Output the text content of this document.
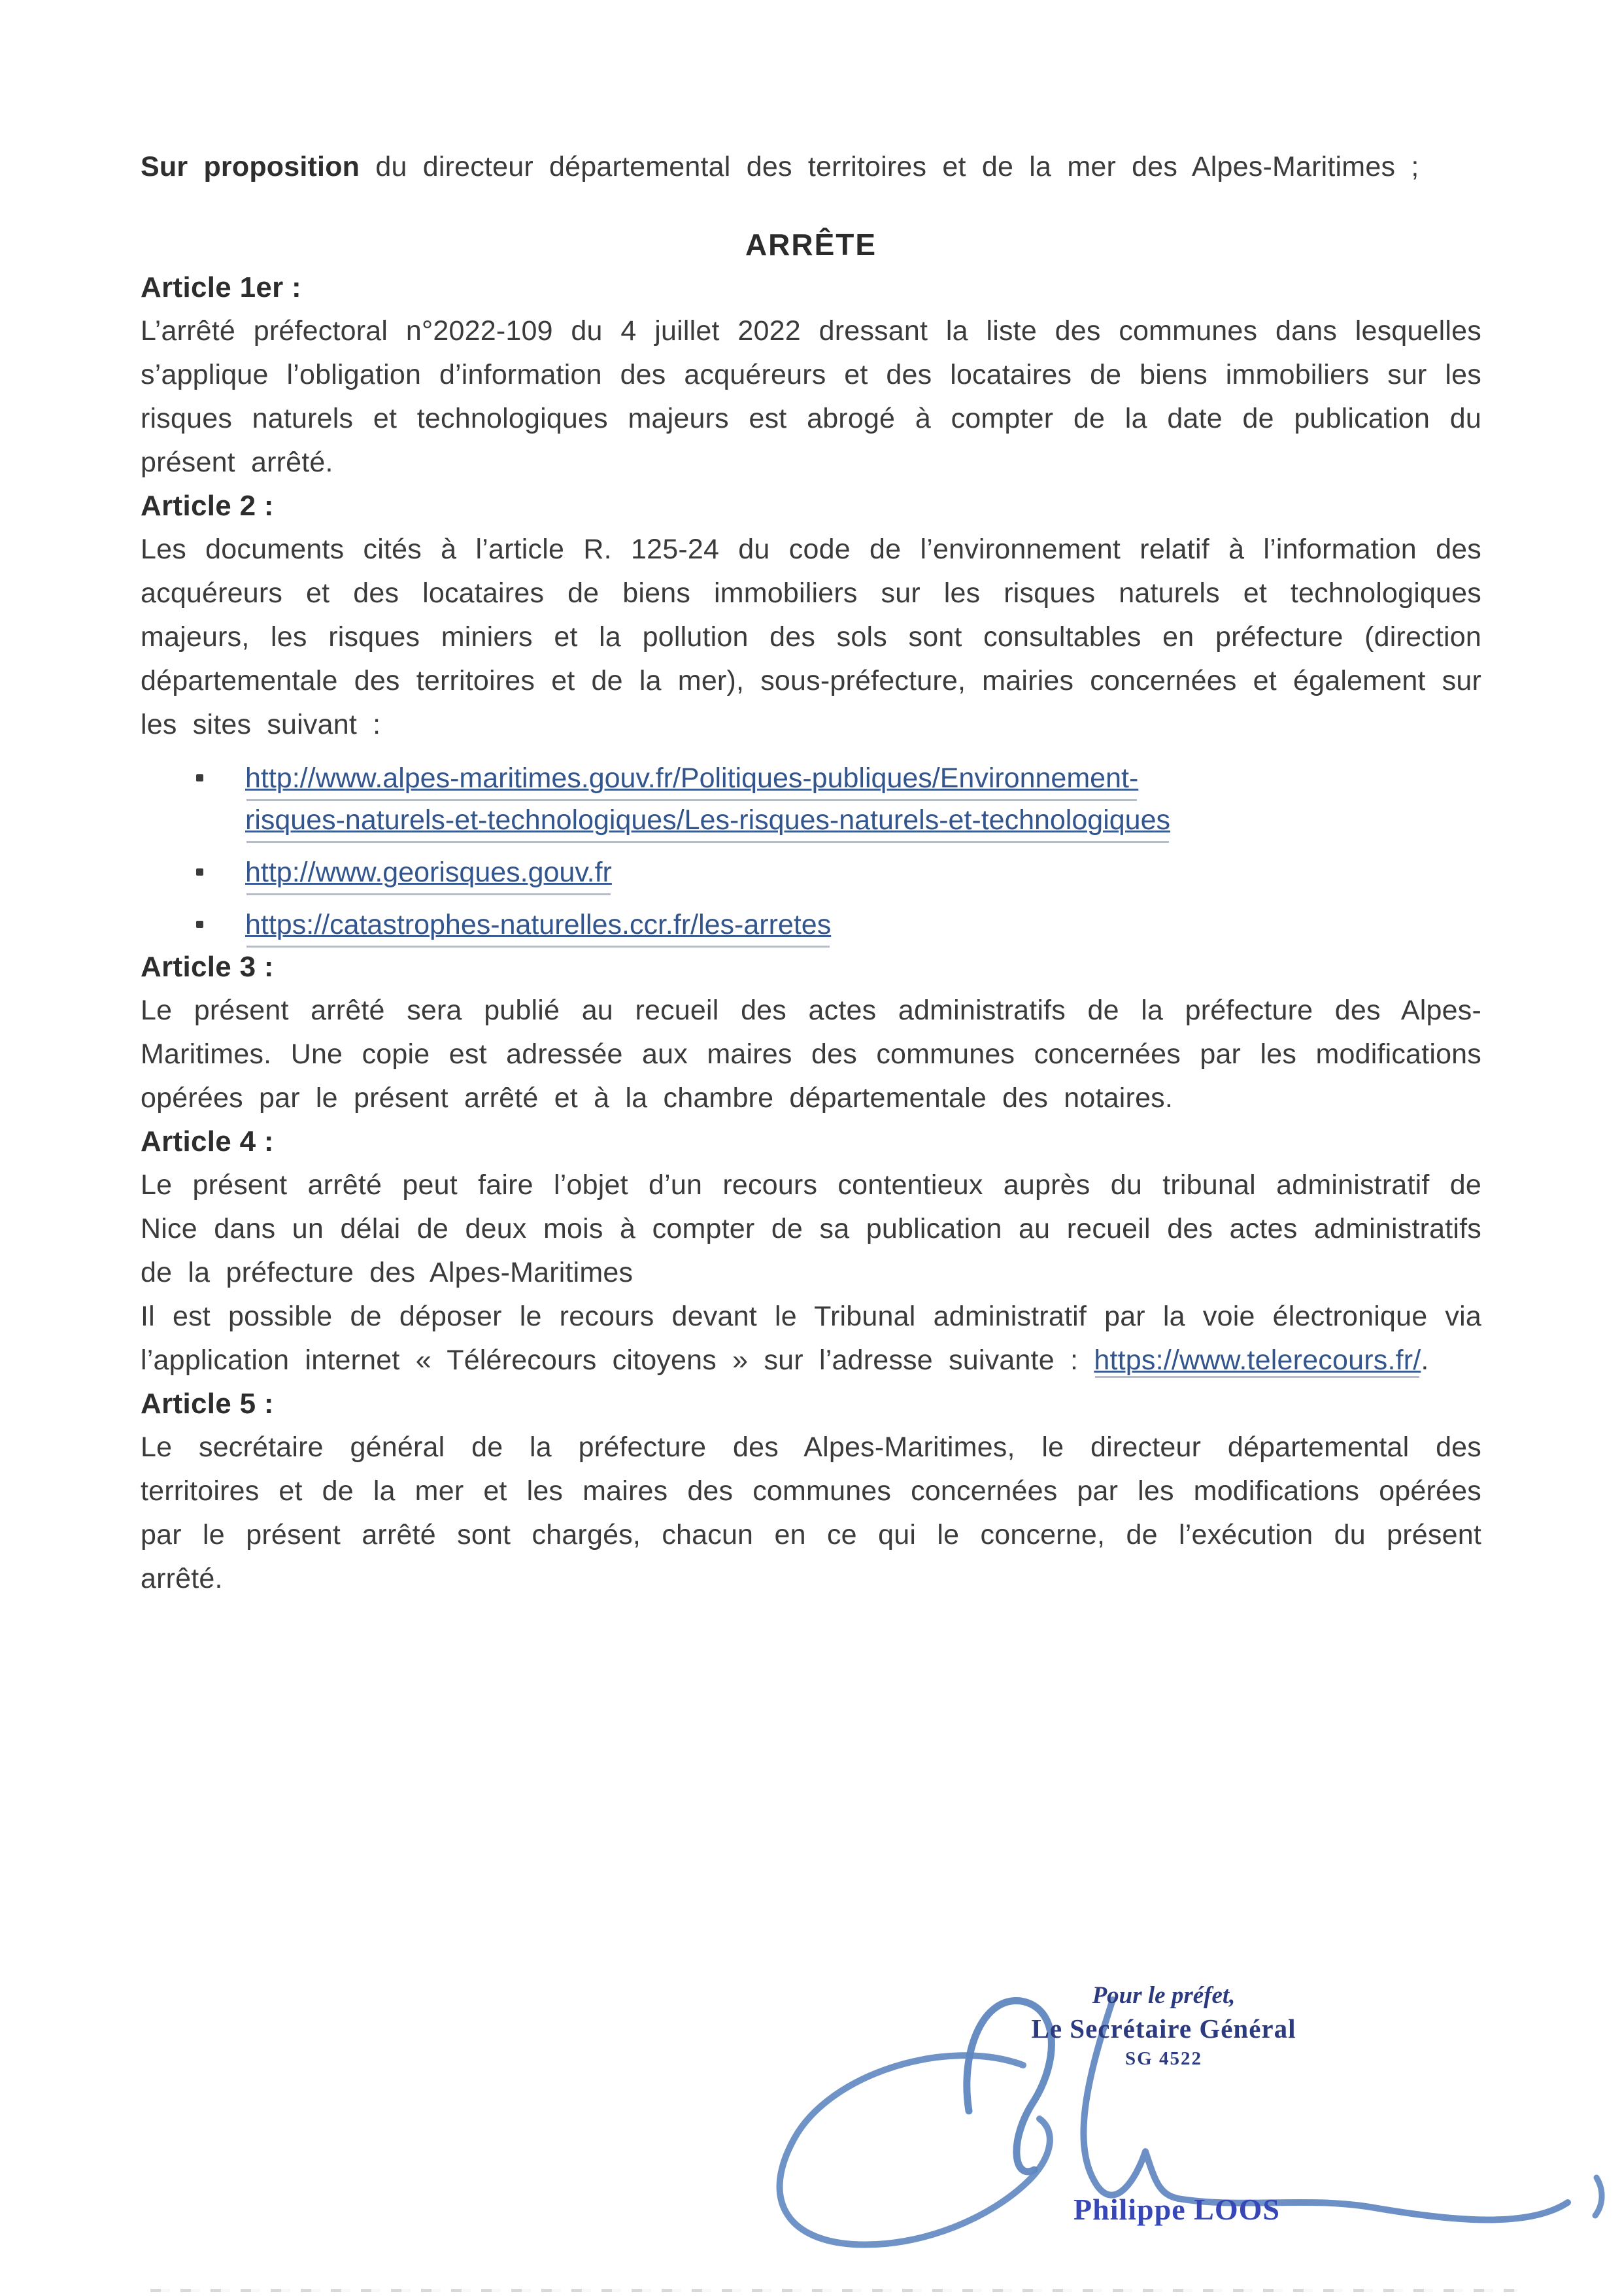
Sur proposition du directeur départemental des territoires et de la mer des Alpes-Maritimes ;

ARRÊTE
Article 1er :

L’arrêté préfectoral n°2022-109 du 4 juillet 2022 dressant la liste des communes dans lesquelles s’applique l’obligation d’information des acquéreurs et des locataires de biens immobiliers sur les risques naturels et technologiques majeurs est abrogé à compter de la date de publication du présent arrêté.

Article 2 :

Les documents cités à l’article R. 125-24 du code de l’environnement relatif à l’information des acquéreurs et des locataires de biens immobiliers sur les risques naturels et technologiques majeurs, les risques miniers et la pollution des sols sont consultables en préfecture (direction départementale des territoires et de la mer), sous-préfecture, mairies concernées et également sur les sites suivant :

http://www.alpes-maritimes.gouv.fr/Politiques-publiques/Environnement-
risques-naturels-et-technologiques/Les-risques-naturels-et-technologiques
http://www.georisques.gouv.fr
https://catastrophes-naturelles.ccr.fr/les-arretes
Article 3 :

Le présent arrêté sera publié au recueil des actes administratifs de la préfecture des Alpes-Maritimes. Une copie est adressée aux maires des communes concernées par les modifications opérées par le présent arrêté et à la chambre départementale des notaires.

Article 4 :

Le présent arrêté peut faire l’objet d’un recours contentieux auprès du tribunal administratif de Nice dans un délai de deux mois à compter de sa publication au recueil des actes administratifs de la préfecture des Alpes-Maritimes

Il est possible de déposer le recours devant le Tribunal administratif par la voie électronique via l’application internet « Télérecours citoyens » sur l’adresse suivante : https://www.telerecours.fr/.

Article 5 :

Le secrétaire général de la préfecture des Alpes-Maritimes, le directeur départemental des territoires et de la mer et les maires des communes concernées par les modifications opérées par le présent arrêté sont chargés, chacun en ce qui le concerne, de l’exécution du présent arrêté.

Pour le préfet,
Le Secrétaire Général
SG 4522
Philippe LOOS
